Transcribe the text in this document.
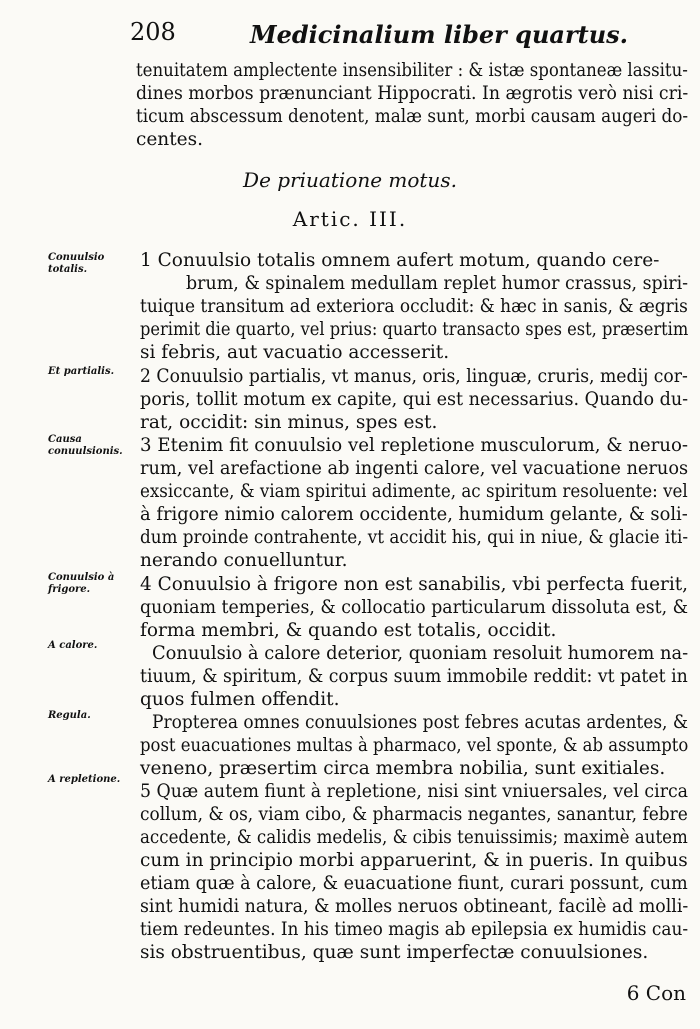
208	Medicinalium liber quartus.
tenuitatem amplectente insensibiliter : & istæ spontaneæ lassitu-
dines morbos prænunciant Hippocrati. In ægrotis verò nisi cri-
ticum abscessum denotent, malæ sunt, morbi causam augeri do-
centes.
De priuatione motus.
Artic. III.
Conuulsio totalis.
Et partialis.
Causa conuulsionis.
Conuulsio à frigore.
A calore.
Regula.
A repletione.
1 Conuulsio totalis omnem aufert motum, quando cere-
brum, & spinalem medullam replet humor crassus, spiri-
tuique transitum ad exteriora occludit: & hæc in sanis, & ægris
perimit die quarto, vel prius: quarto transacto spes est, præsertim
si febris, aut vacuatio accesserit.
2 Conuulsio partialis, vt manus, oris, linguæ, cruris, medij cor-
poris, tollit motum ex capite, qui est necessarius. Quando du-
rat, occidit: sin minus, spes est.
3 Etenim fit conuulsio vel repletione musculorum, & neruo-
rum, vel arefactione ab ingenti calore, vel vacuatione neruos
exsiccante, & viam spiritui adimente, ac spiritum resoluente: vel
à frigore nimio calorem occidente, humidum gelante, & soli-
dum proinde contrahente, vt accidit his, qui in niue, & glacie iti-
nerando conuelluntur.
4 Conuulsio à frigore non est sanabilis, vbi perfecta fuerit,
quoniam temperies, & collocatio particularum dissoluta est, &
forma membri, & quando est totalis, occidit.
Conuulsio à calore deterior, quoniam resoluit humorem na-
tiuum, & spiritum, & corpus suum immobile reddit: vt patet in
quos fulmen offendit.
Propterea omnes conuulsiones post febres acutas ardentes, &
post euacuationes multas à pharmaco, vel sponte, & ab assumpto
veneno, præsertim circa membra nobilia, sunt exitiales.
5 Quæ autem fiunt à repletione, nisi sint vniuersales, vel circa
collum, & os, viam cibo, & pharmacis negantes, sanantur, febre
accedente, & calidis medelis, & cibis tenuissimis; maximè autem
cum in principio morbi apparuerint, & in pueris. In quibus
etiam quæ à calore, & euacuatione fiunt, curari possunt, cum
sint humidi natura, & molles neruos obtineant, facilè ad molli-
tiem redeuntes. In his timeo magis ab epilepsia ex humidis cau-
sis obstruentibus, quæ sunt imperfectæ conuulsiones.
6 Con
